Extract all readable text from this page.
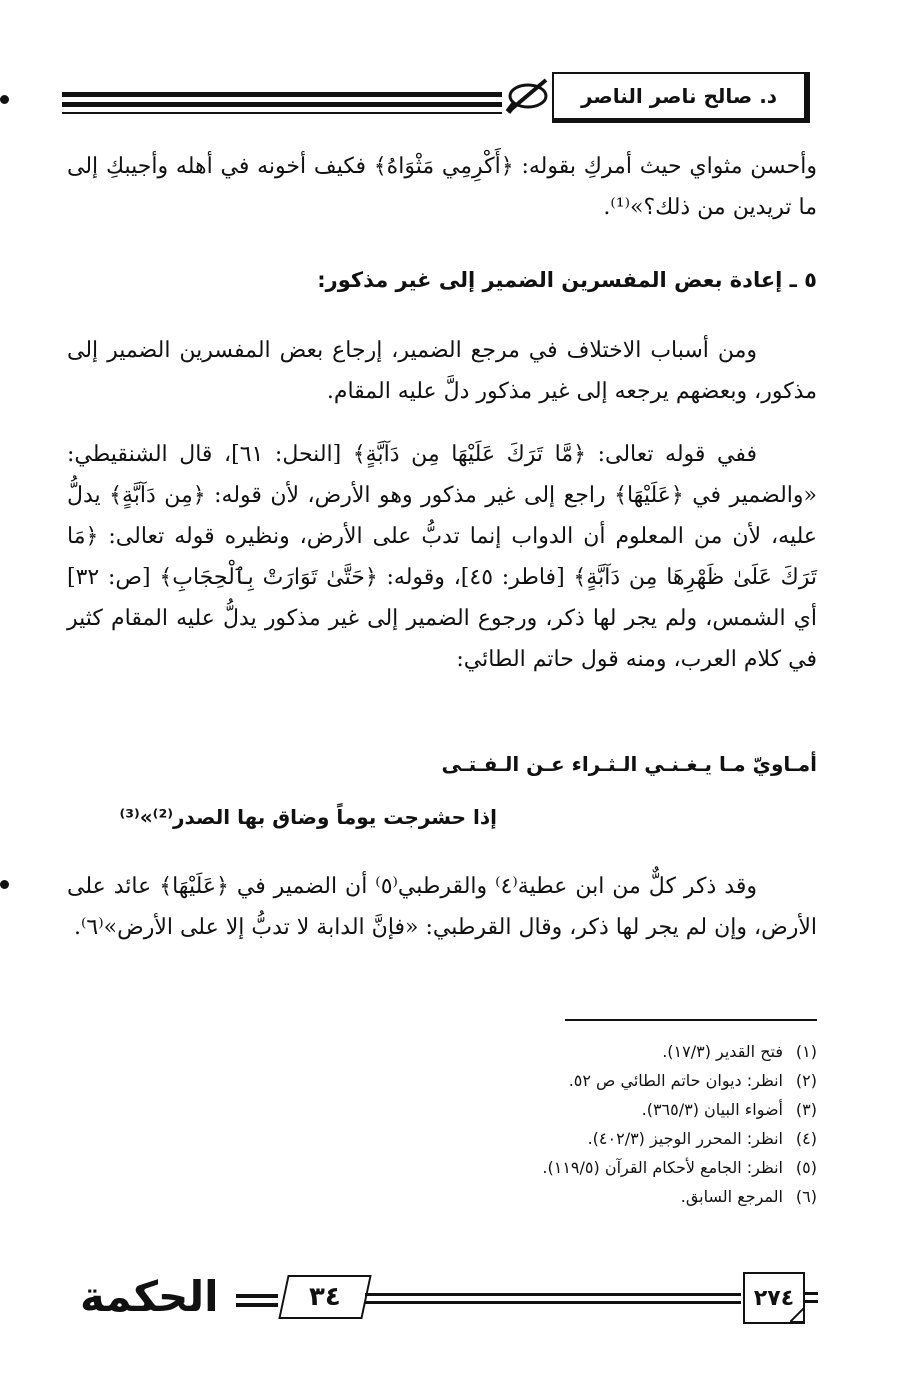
د. صالح ناصر الناصر
وأحسن مثواي حيث أمركِ بقوله: ﴿أَكْرِمِي مَثْوَاهُ﴾ فكيف أخونه في أهله وأجيبكِ إلى ما تريدين من ذلك؟»⁽¹⁾.
٥ ـ إعادة بعض المفسرين الضمير إلى غير مذكور:
ومن أسباب الاختلاف في مرجع الضمير، إرجاع بعض المفسرين الضمير إلى مذكور، وبعضهم يرجعه إلى غير مذكور دلَّ عليه المقام.
ففي قوله تعالى: ﴿مَّا تَرَكَ عَلَيْهَا مِن دَآبَّةٍ﴾ [النحل: ٦١]، قال الشنقيطي: «والضمير في ﴿عَلَيْهَا﴾ راجع إلى غير مذكور وهو الأرض، لأن قوله: ﴿مِن دَآبَّةٍ﴾ يدلُّ عليه، لأن من المعلوم أن الدواب إنما تدبُّ على الأرض، ونظيره قوله تعالى: ﴿مَا تَرَكَ عَلَىٰ ظَهْرِهَا مِن دَآبَّةٍ﴾ [فاطر: ٤٥]، وقوله: ﴿حَتَّىٰ تَوَارَتْ بِٱلْحِجَابِ﴾ [ص: ٣٢] أي الشمس، ولم يجر لها ذكر، ورجوع الضمير إلى غير مذكور يدلُّ عليه المقام كثير في كلام العرب، ومنه قول حاتم الطائي:
أمـاويّ مـا يـغـنـي الـثـراء عـن الـفـتـى
إذا حشرجت يوماً وضاق بها الصدر⁽²⁾»⁽³⁾
وقد ذكر كلٌّ من ابن عطية⁽٤⁾ والقرطبي⁽٥⁾ أن الضمير في ﴿عَلَيْهَا﴾ عائد على الأرض، وإن لم يجر لها ذكر، وقال القرطبي: «فإنَّ الدابة لا تدبُّ إلا على الأرض»⁽٦⁾.
(١)فتح القدير (١٧/٣).
(٢)انظر: ديوان حاتم الطائي ص ٥٢.
(٣)أضواء البيان (٣٦٥/٣).
(٤)انظر: المحرر الوجيز (٤٠٢/٣).
(٥)انظر: الجامع لأحكام القرآن (١١٩/٥).
(٦)المرجع السابق.
الحكمة	٣٤	٢٧٤
